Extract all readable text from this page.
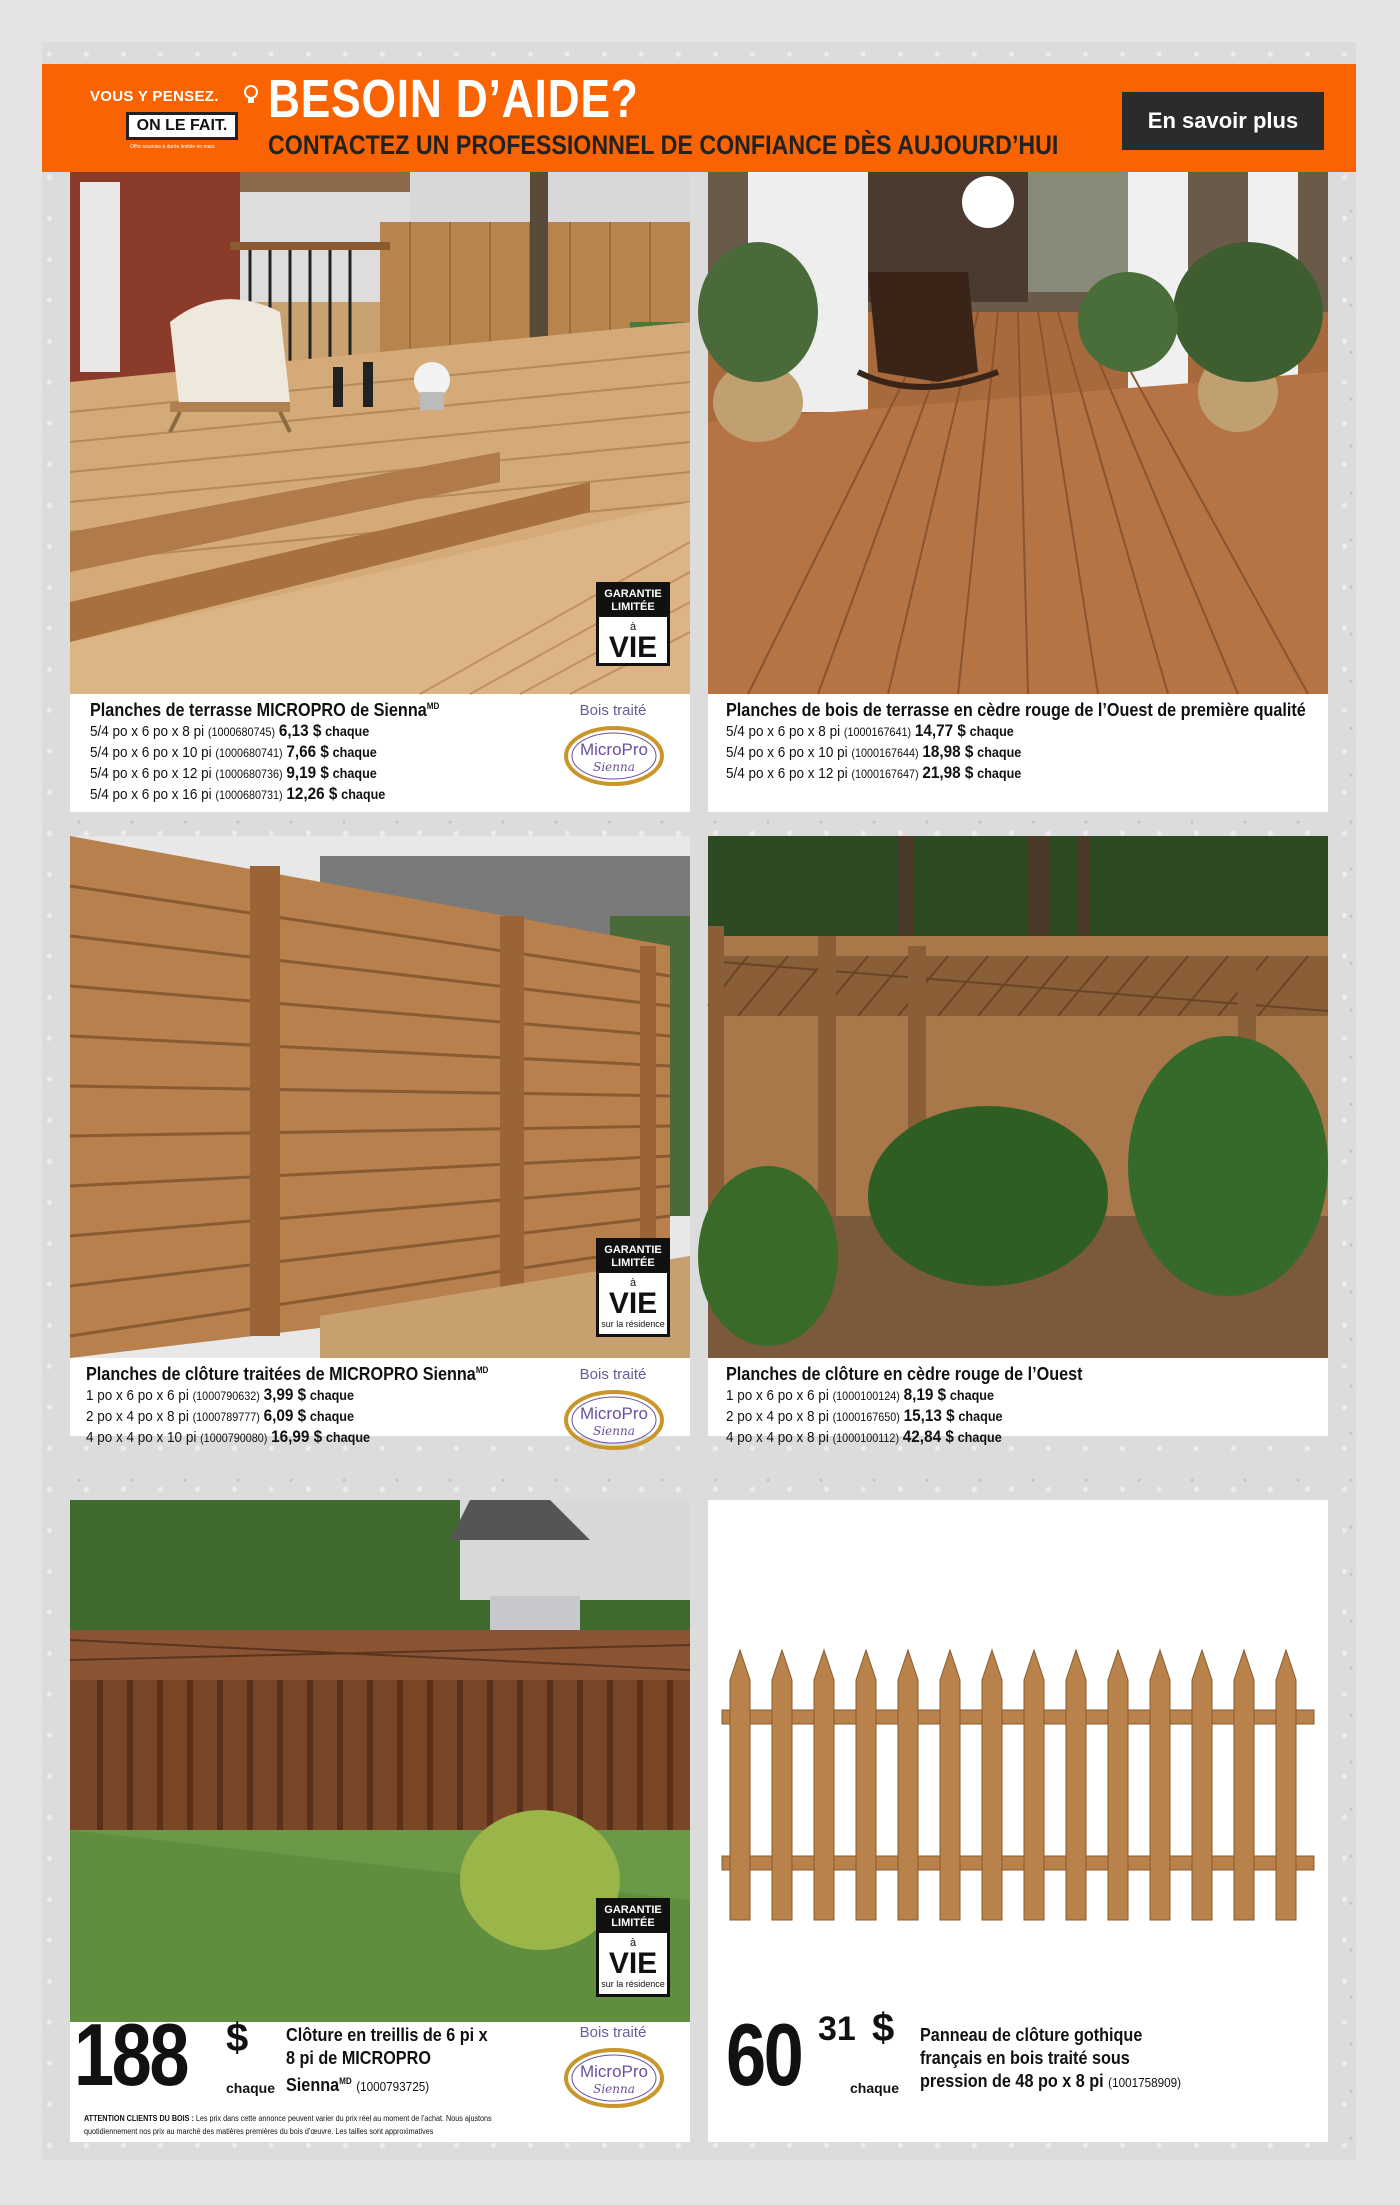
VOUS Y PENSEZ.
ON LE FAIT.
Offre soumise à durée limitée en mars
BESOIN D’AIDE?
CONTACTEZ UN PROFESSIONNEL DE CONFIANCE DÈS AUJOURD’HUI
En savoir plus
GARANTIE LIMITÉE
à
VIE
Planches de terrasse MICROPRO de Sienna$^{MD}$
5/4 po x 6 po x 8 pi (1000680745) 6,13 $ chaque
5/4 po x 6 po x 10 pi (1000680741) 7,66 $ chaque
5/4 po x 6 po x 12 pi (1000680736) 9,19 $ chaque
5/4 po x 6 po x 16 pi (1000680731) 12,26 $ chaque
Bois traité
MicroPro
Sienna
Planches de bois de terrasse en cèdre rouge de l’Ouest de première qualité
5/4 po x 6 po x 8 pi (1000167641) 14,77 $ chaque
5/4 po x 6 po x 10 pi (1000167644) 18,98 $ chaque
5/4 po x 6 po x 12 pi (1000167647) 21,98 $ chaque
GARANTIE LIMITÉE
à
VIE
sur la résidence
Planches de clôture traitées de MICROPRO Sienna$^{MD}$
1 po x 6 po x 6 pi (1000790632) 3,99 $ chaque
2 po x 4 po x 8 pi (1000789777) 6,09 $ chaque
4 po x 4 po x 10 pi (1000790080) 16,99 $ chaque
Bois traité
MicroPro
Sienna
Planches de clôture en cèdre rouge de l’Ouest
1 po x 6 po x 6 pi (1000100124) 8,19 $ chaque
2 po x 4 po x 8 pi (1000167650) 15,13 $ chaque
4 po x 4 po x 8 pi (1000100112) 42,84 $ chaque
GARANTIE LIMITÉE
à
VIE
sur la résidence
188 $
chaque
Clôture en treillis de 6 pi x
8 pi de MICROPRO
Sienna$^{MD}$ (1000793725)
Bois traité
MicroPro
Sienna
ATTENTION CLIENTS DU BOIS : Les prix dans cette annonce peuvent varier du prix réel au moment de l’achat. Nous ajustons quotidiennement nos prix au marché des matières premières du bois d’œuvre. Les tailles sont approximatives
60 31 $
chaque
Panneau de clôture gothique
français en bois traité sous
pression de 48 po x 8 pi (1001758909)
